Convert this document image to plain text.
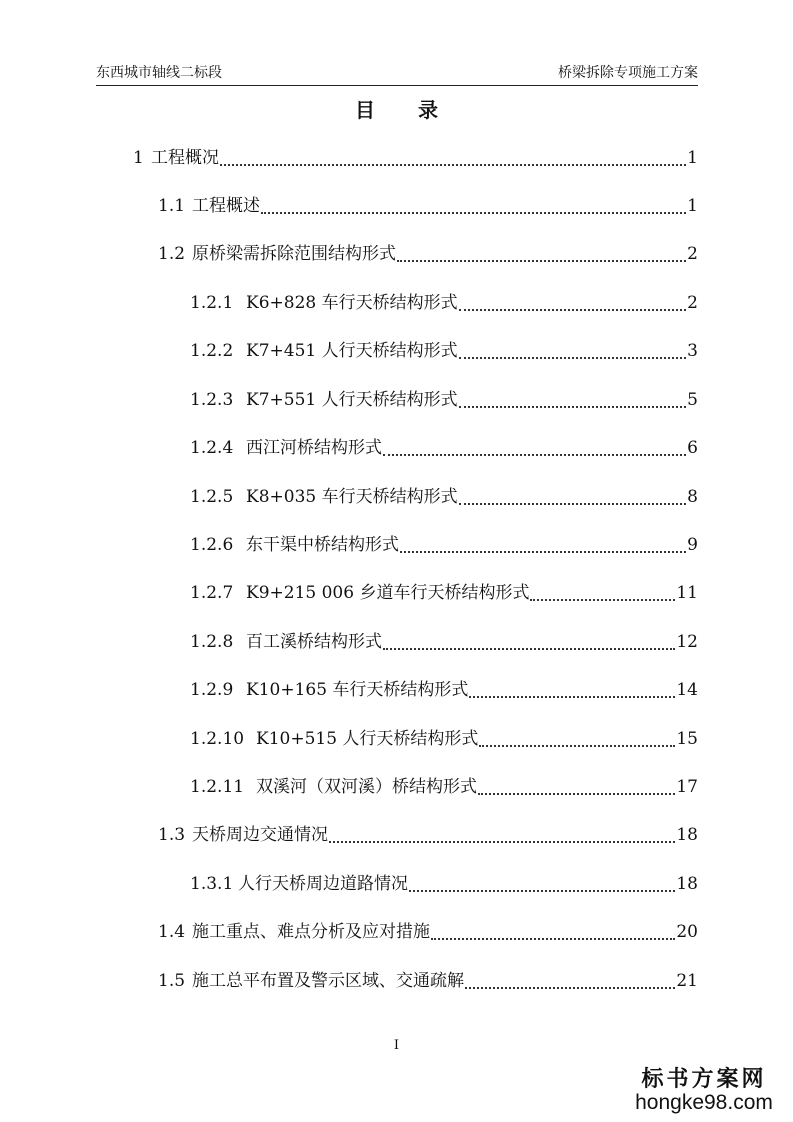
东西城市轴线二标段	桥梁拆除专项施工方案
目 录
1 工程概况	1
1.1 工程概述	1
1.2 原桥梁需拆除范围结构形式	2
1.2.1 K6+828 车行天桥结构形式	2
1.2.2 K7+451 人行天桥结构形式	3
1.2.3 K7+551 人行天桥结构形式	5
1.2.4 西江河桥结构形式	6
1.2.5 K8+035 车行天桥结构形式	8
1.2.6 东干渠中桥结构形式	9
1.2.7 K9+215 006 乡道车行天桥结构形式	11
1.2.8 百工溪桥结构形式	12
1.2.9 K10+165 车行天桥结构形式	14
1.2.10 K10+515 人行天桥结构形式	15
1.2.11 双溪河（双河溪）桥结构形式	17
1.3 天桥周边交通情况	18
1.3.1 人行天桥周边道路情况	18
1.4 施工重点、难点分析及应对措施	20
1.5 施工总平布置及警示区域、交通疏解	21
I
标书方案网
hongke98.com
